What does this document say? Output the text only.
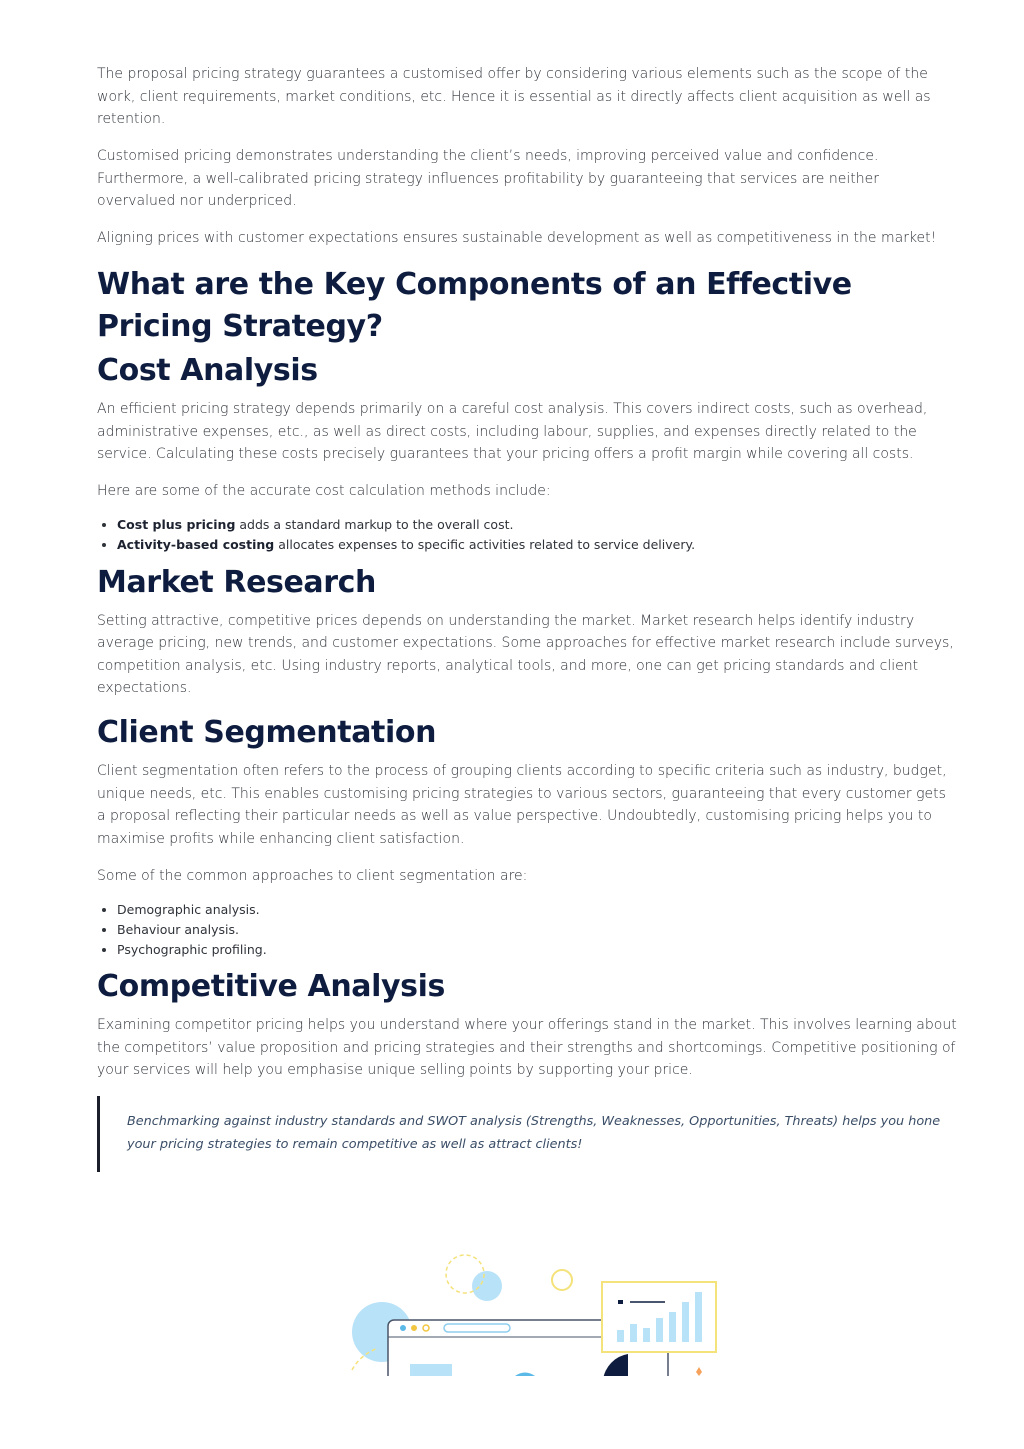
The proposal pricing strategy guarantees a customised offer by considering various elements such as the scope of the work, client requirements, market conditions, etc. Hence it is essential as it directly affects client acquisition as well as retention.

Customised pricing demonstrates understanding the client’s needs, improving perceived value and confidence. Furthermore, a well-calibrated pricing strategy influences profitability by guaranteeing that services are neither overvalued nor underpriced.

Aligning prices with customer expectations ensures sustainable development as well as competitiveness in the market!

What are the Key Components of an Effective Pricing Strategy?
Cost Analysis

An efficient pricing strategy depends primarily on a careful cost analysis. This covers indirect costs, such as overhead, administrative expenses, etc., as well as direct costs, including labour, supplies, and expenses directly related to the service. Calculating these costs precisely guarantees that your pricing offers a profit margin while covering all costs.

Here are some of the accurate cost calculation methods include:

• Cost plus pricing adds a standard markup to the overall cost.
• Activity-based costing allocates expenses to specific activities related to service delivery.
Market Research

Setting attractive, competitive prices depends on understanding the market. Market research helps identify industry average pricing, new trends, and customer expectations. Some approaches for effective market research include surveys, competition analysis, etc. Using industry reports, analytical tools, and more, one can get pricing standards and client expectations.

Client Segmentation

Client segmentation often refers to the process of grouping clients according to specific criteria such as industry, budget, unique needs, etc. This enables customising pricing strategies to various sectors, guaranteeing that every customer gets a proposal reflecting their particular needs as well as value perspective. Undoubtedly, customising pricing helps you to maximise profits while enhancing client satisfaction.

Some of the common approaches to client segmentation are:

• Demographic analysis.
• Behaviour analysis.
• Psychographic profiling.
Competitive Analysis

Examining competitor pricing helps you understand where your offerings stand in the market. This involves learning about the competitors’ value proposition and pricing strategies and their strengths and shortcomings. Competitive positioning of your services will help you emphasise unique selling points by supporting your price.

Benchmarking against industry standards and SWOT analysis (Strengths, Weaknesses, Opportunities, Threats) helps you hone your pricing strategies to remain competitive as well as attract clients!
